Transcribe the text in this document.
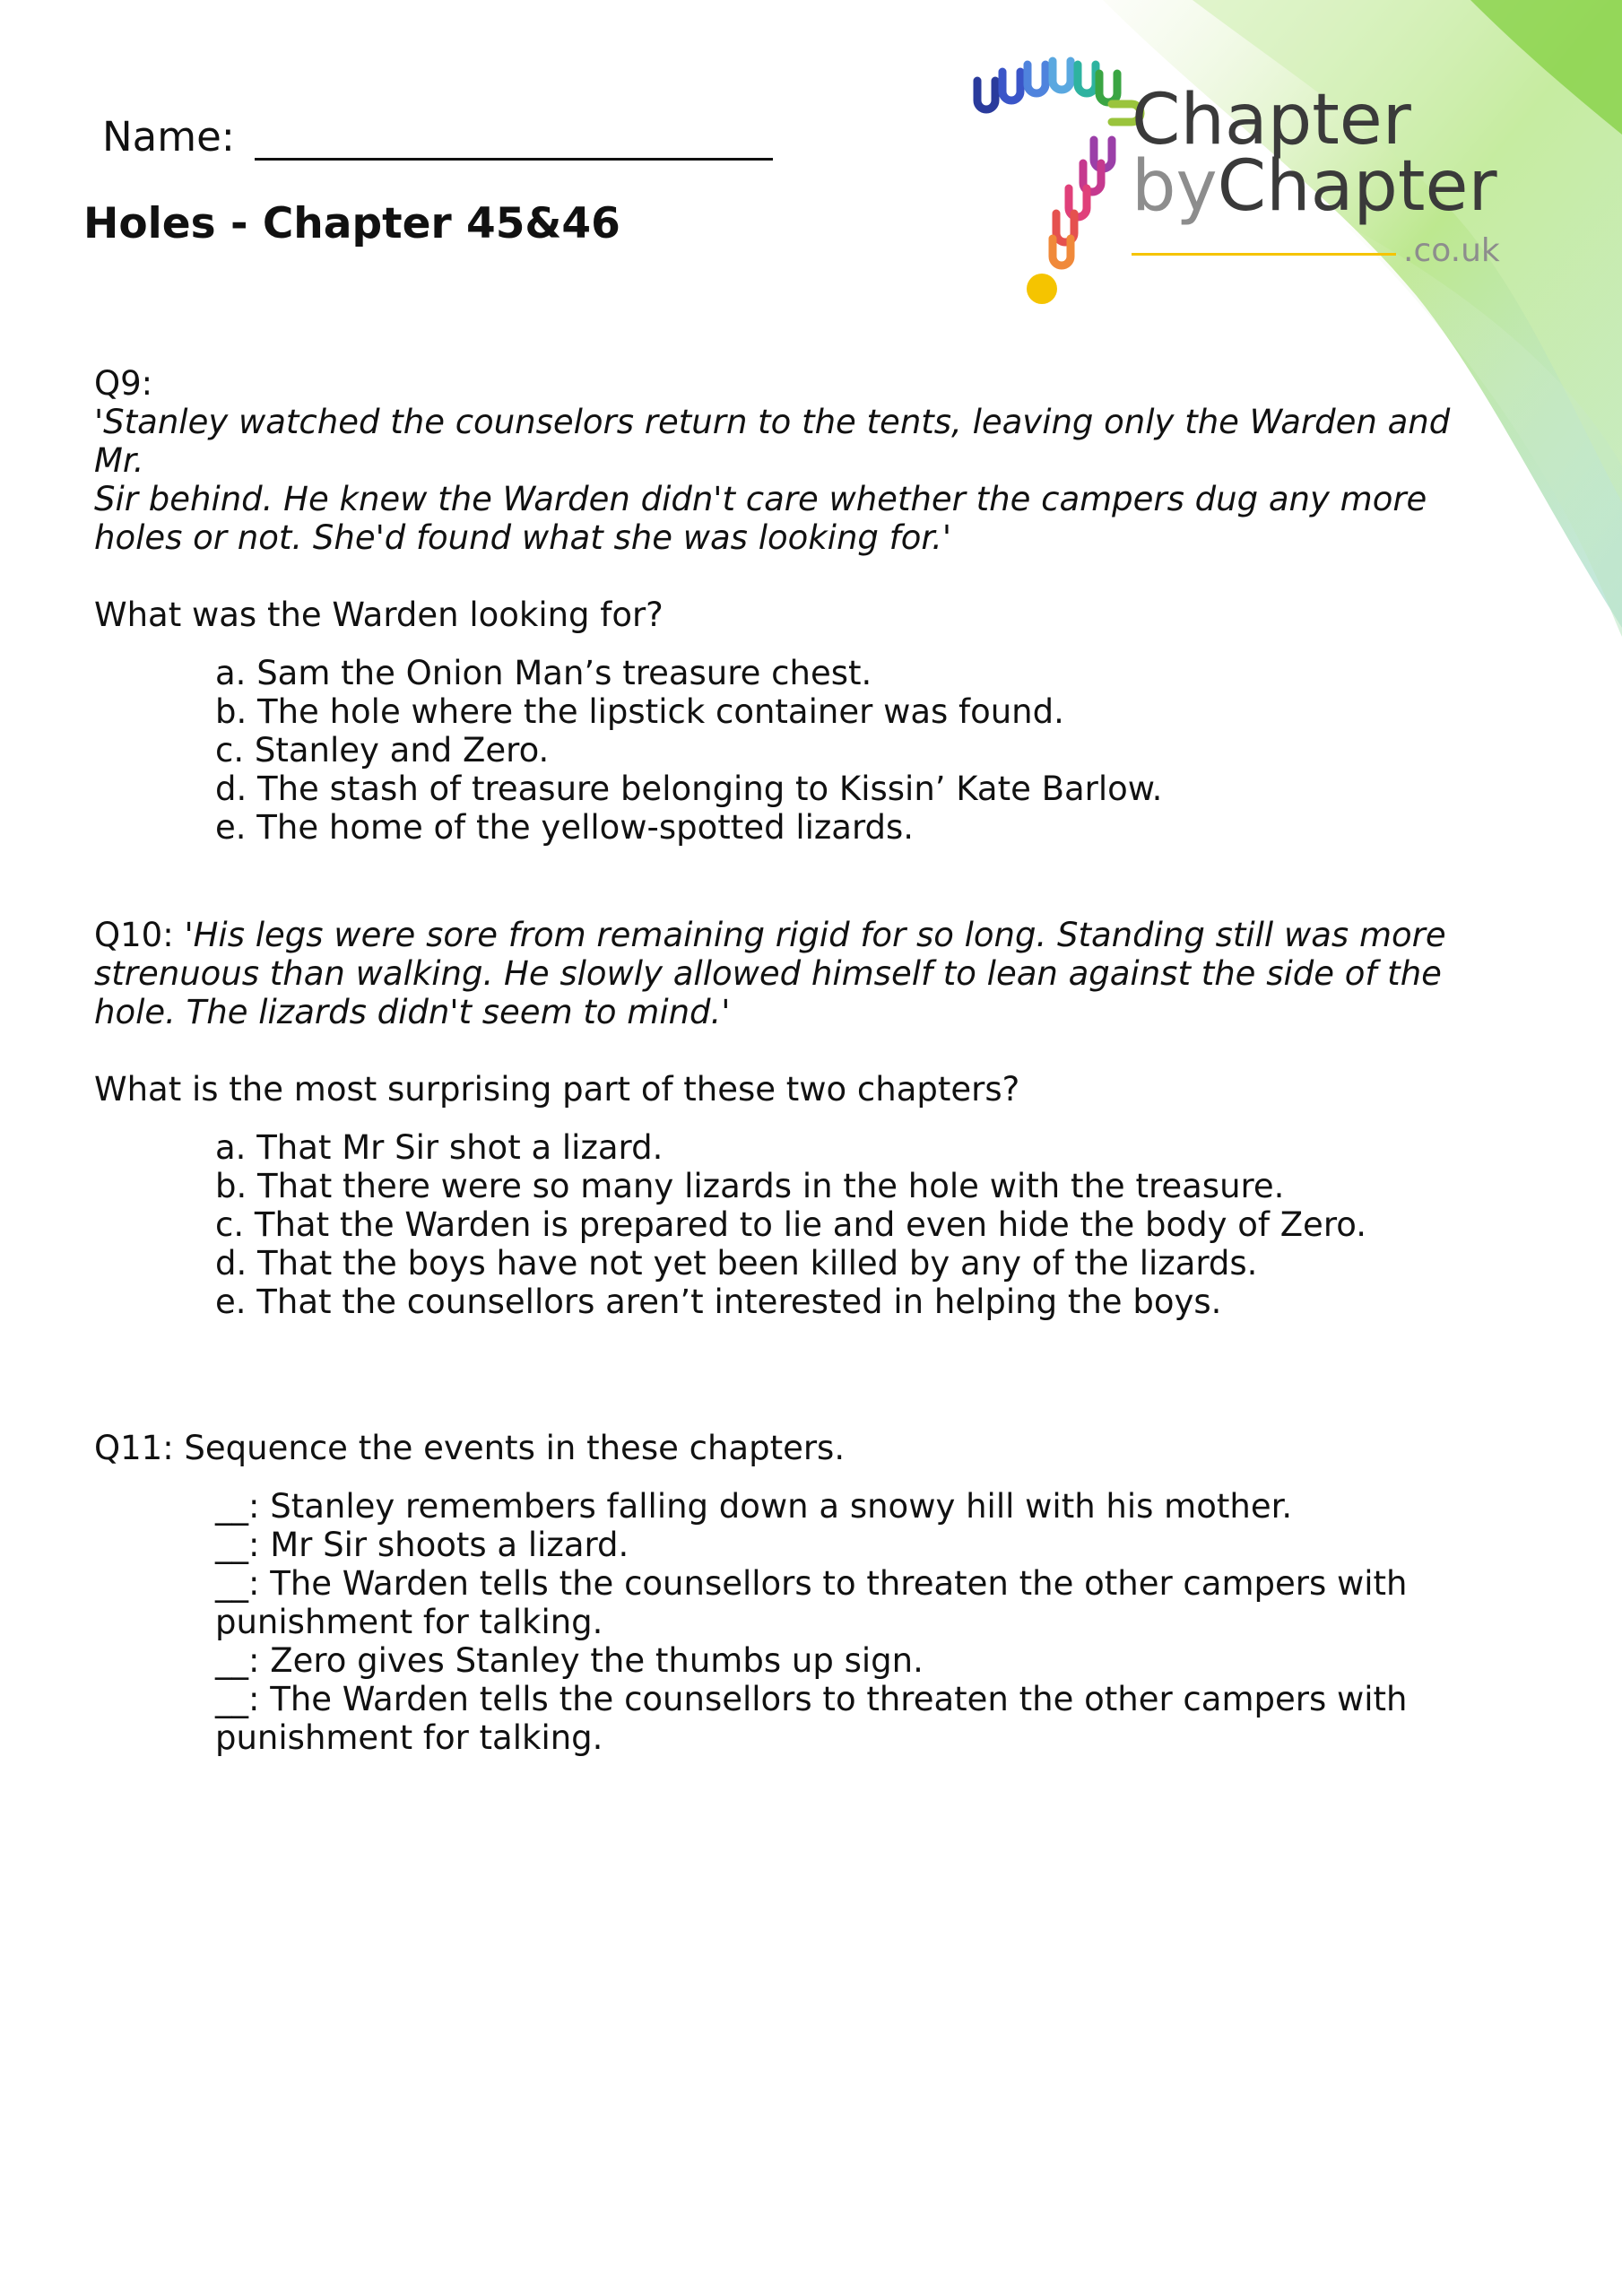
Name:
Holes - Chapter 45&46
Chapter
byChapter
.co.uk

Q9: 'Stanley watched the counselors return to the tents, leaving only the Warden and Mr.

Sir behind. He knew the Warden didn't care whether the campers dug any more holes or not. She'd found what she was looking for.'

What was the Warden looking for?

a. Sam the Onion Man’s treasure chest.
b. The hole where the lipstick container was found.
c. Stanley and Zero.
d. The stash of treasure belonging to Kissin’ Kate Barlow.
e. The home of the yellow-spotted lizards.

Q10: 'His legs were sore from remaining rigid for so long. Standing still was more strenuous than walking. He slowly allowed himself to lean against the side of the hole. The lizards didn't seem to mind.'

What is the most surprising part of these two chapters?

a. That Mr Sir shot a lizard.
b. That there were so many lizards in the hole with the treasure.
c. That the Warden is prepared to lie and even hide the body of Zero.
d. That the boys have not yet been killed by any of the lizards.
e. That the counsellors aren’t interested in helping the boys.

Q11: Sequence the events in these chapters.

__: Stanley remembers falling down a snowy hill with his mother.
__: Mr Sir shoots a lizard.
__: The Warden tells the counsellors to threaten the other campers with punishment for talking.
__: Zero gives Stanley the thumbs up sign.
__: The Warden tells the counsellors to threaten the other campers with punishment for talking.
